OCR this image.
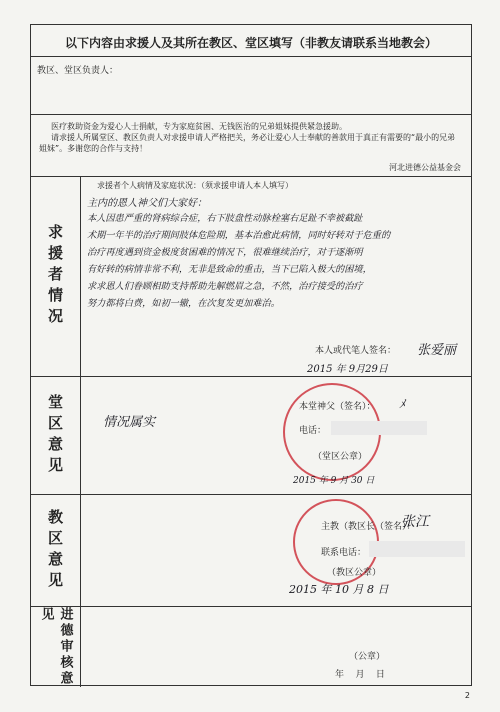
以下内容由求援人及其所在教区、堂区填写（非教友请联系当地教会）
教区、堂区负责人：
医疗救助资金为爱心人士捐献，专为家庭贫困、无钱医治的兄弟姐妹提供紧急援助。
请求援人所属堂区、教区负责人对求援申请人严格把关，务必让爱心人士奉献的善款用于真正有需要的“最小的兄弟姐妹”。多谢您的合作与支持！
河北进德公益基金会
求援者情况
求援者个人病情及家庭状况：（须求援申请人本人填写）
主内的恩人神父们大家好：
本人因患严重的肾病综合症，右下肢盘性动脉栓塞右足趾不幸被截趾
术期一年半的治疗期间肢体危险期，基本治愈此病情，同时好转对于危重的
治疗再度遇到资金极度贫困难的情况下，很难继续治疗，对于逐渐明
有好转的病情非常不利，无非是致命的重击，当下已陷入极大的困境，
求求恩人们眷顾相助支持帮助先解燃眉之急，不然，治疗接受的治疗
努力都将白费，如初一辙，在次复发更加难治。
本人或代笔人签名： 张爱丽
2015 年 9月29日
堂区意见	情况属实
本堂神父（签名）： ﾒ
电话：
（堂区公章）
2015 年 9 月 30 日
教区意见	主教（教区长（签名）：
张江
联系电话：
（教区公章）
2015 年 10 月 8 日
进德审核意见
（公章）
年    月    日
2
